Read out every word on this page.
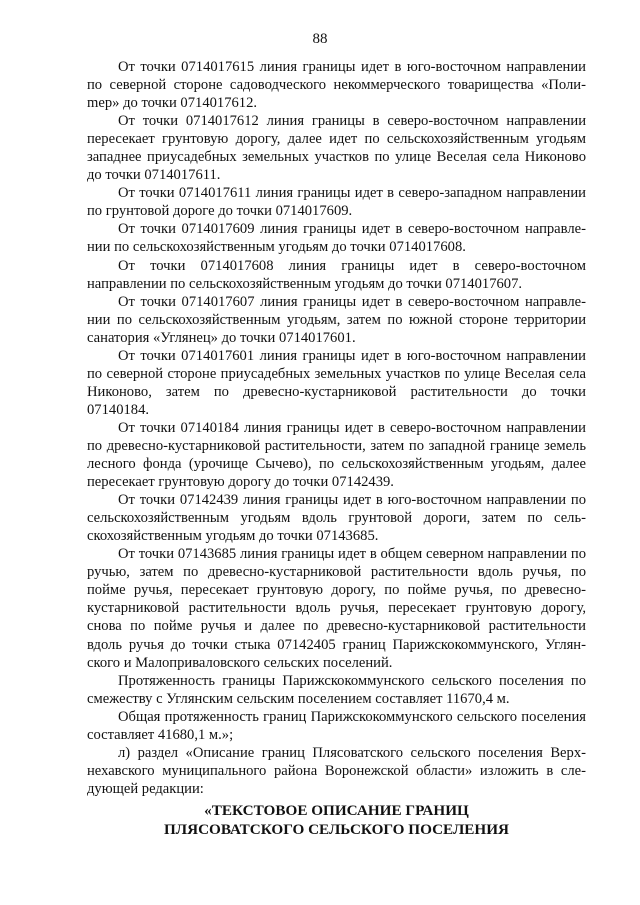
88

От точки 0714017615 линия границы идет в юго-восточном направлении по северной стороне садоводческого некоммерческого товарищества «Полиmер» до точки 0714017612.

От точки 0714017612 линия границы в северо-восточном направлении пересекает грунтовую дорогу, далее идет по сельскохозяйственным угодьям западнее приусадебных земельных участков по улице Веселая села Никоново до точки 0714017611.

От точки 0714017611 линия границы идет в северо-западном направлении по грунтовой дороге до точки 0714017609.

От точки 0714017609 линия границы идет в северо-восточном направлении по сельскохозяйственным угодьям до точки 0714017608.

От точки 0714017608 линия границы идет в северо-восточном направлении по сельскохозяйственным угодьям до точки 0714017607.

От точки 0714017607 линия границы идет в северо-восточном направлении по сельскохозяйственным угодьям, затем по южной стороне территории санатория «Углянец» до точки 0714017601.

От точки 0714017601 линия границы идет в юго-восточном направлении по северной стороне приусадебных земельных участков по улице Веселая села Никоново, затем по древесно-кустарниковой растительности до точки 07140184.

От точки 07140184 линия границы идет в северо-восточном направлении по древесно-кустарниковой растительности, затем по западной границе земель лесного фонда (урочище Сычево), по сельскохозяйственным угодьям, далее пересекает грунтовую дорогу до точки 07142439.

От точки 07142439 линия границы идет в юго-восточном направлении по сельскохозяйственным угодьям вдоль грунтовой дороги, затем по сельскохозяйственным угодьям до точки 07143685.

От точки 07143685 линия границы идет в общем северном направлении по ручью, затем по древесно-кустарниковой растительности вдоль ручья, по пойме ручья, пересекает грунтовую дорогу, по пойме ручья, по древесно-кустарниковой растительности вдоль ручья, пересекает грунтовую дорогу, снова по пойме ручья и далее по древесно-кустарниковой растительности вдоль ручья до точки стыка 07142405 границ Парижскокоммунского, Углянского и Малоприваловского сельских поселений.

Протяженность границы Парижскокоммунского сельского поселения по смежеству с Углянским сельским поселением составляет 11670,4 м.

Общая протяженность границ Парижскокоммунского сельского поселения составляет 41680,1 м.»;

л) раздел «Описание границ Плясоватского сельского поселения Верхнехавского муниципального района Воронежской области» изложить в следующей редакции:

«ТЕКСТОВОЕ ОПИСАНИЕ ГРАНИЦ
ПЛЯСОВАТСКОГО СЕЛЬСКОГО ПОСЕЛЕНИЯ
